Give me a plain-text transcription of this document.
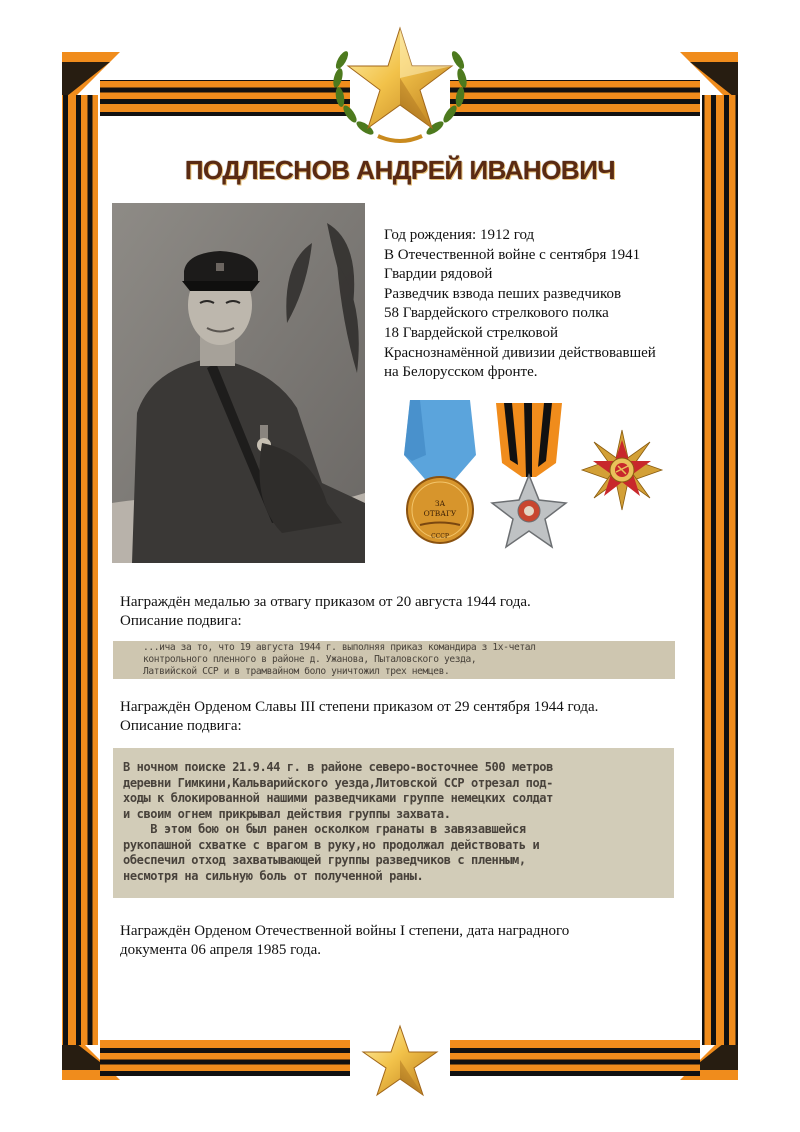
ПОДЛЕСНОВ АНДРЕЙ ИВАНОВИЧ
Год рождения: 1912 год
В Отечественной войне с сентября 1941
Гвардии рядовой
Разведчик взвода пеших разведчиков
58 Гвардейского стрелкового полка
18 Гвардейской стрелковой
Краснознамённой дивизии действовавшей
на Белорусском фронте.
ЗА
ОТВАГУ
СССР
Награждён медалью за отвагу приказом от 20 августа 1944 года.
Описание подвига:
...ича за то, что 19 августа 1944 г. выполняя приказ командира з 1х-четал
контрольного пленного в районе д. Ужанова, Пыталовского уезда,
Латвийской ССР и в трамвайном боло уничтожил трех немцев.
Награждён Орденом Славы III степени приказом от 29 сентября 1944 года.
Описание подвига:
В ночном поиске 21.9.44 г. в районе северо-восточнее 500 метров
деревни Гимкини,Кальварийского уезда,Литовской ССР отрезал под-
ходы к блокированной нашими разведчиками группе немецких солдат
и своим огнем прикрывал действия группы захвата.
В этом бою он был ранен осколком гранаты в завязавшейся
рукопашной схватке с врагом в руку,но продолжал действовать и
обеспечил отход захватывающей группы разведчиков с пленным,
несмотря на сильную боль от полученной раны.
Награждён Орденом Отечественной войны I степени, дата наградного
документа 06 апреля 1985 года.
